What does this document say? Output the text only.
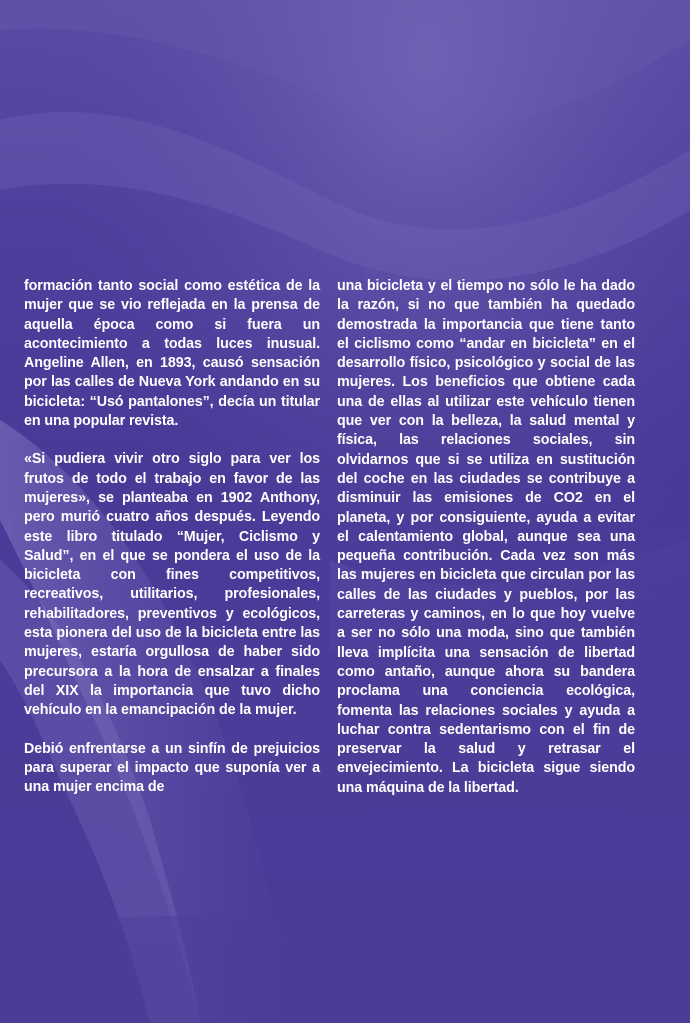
formación tanto social como estética de la mujer que se vio reflejada en la prensa de aquella época como si fuera un acontecimiento a todas luces inusual. Angeline Allen, en 1893, causó sensación por las calles de Nueva York andando en su bicicleta: “Usó pantalones”, decía un titular en una popular revista.

«Si pudiera vivir otro siglo para ver los frutos de todo el trabajo en favor de las mujeres», se planteaba en 1902 Anthony, pero murió cuatro años después. Leyendo este libro titulado “Mujer, Ciclismo y Salud”, en el que se pondera el uso de la bicicleta con fines competitivos, recreativos, utilitarios, profesionales, rehabilitadores, preventivos y ecológicos, esta pionera del uso de la bicicleta entre las mujeres, estaría orgullosa de haber sido precursora a la hora de ensalzar a finales del XIX la importancia que tuvo dicho vehículo en la emancipación de la mujer.

Debió enfrentarse a un sinfín de prejuicios para superar el impacto que suponía ver a una mujer encima de

una bicicleta y el tiempo no sólo le ha dado la razón, si no que también ha quedado demostrada la importancia que tiene tanto el ciclismo como “andar en bicicleta” en el desarrollo físico, psicológico y social de las mujeres. Los beneficios que obtiene cada una de ellas al utilizar este vehículo tienen que ver con la belleza, la salud mental y física, las relaciones sociales, sin olvidarnos que si se utiliza en sustitución del coche en las ciudades se contribuye a disminuir las emisiones de CO2 en el planeta, y por consiguiente, ayuda a evitar el calentamiento global, aunque sea una pequeña contribución. Cada vez son más las mujeres en bicicleta que circulan por las calles de las ciudades y pueblos, por las carreteras y caminos, en lo que hoy vuelve a ser no sólo una moda, sino que también lleva implícita una sensación de libertad como antaño, aunque ahora su bandera proclama una conciencia ecológica, fomenta las relaciones sociales y ayuda a luchar contra sedentarismo con el fin de preservar la salud y retrasar el envejecimiento. La bicicleta sigue siendo una máquina de la libertad.
